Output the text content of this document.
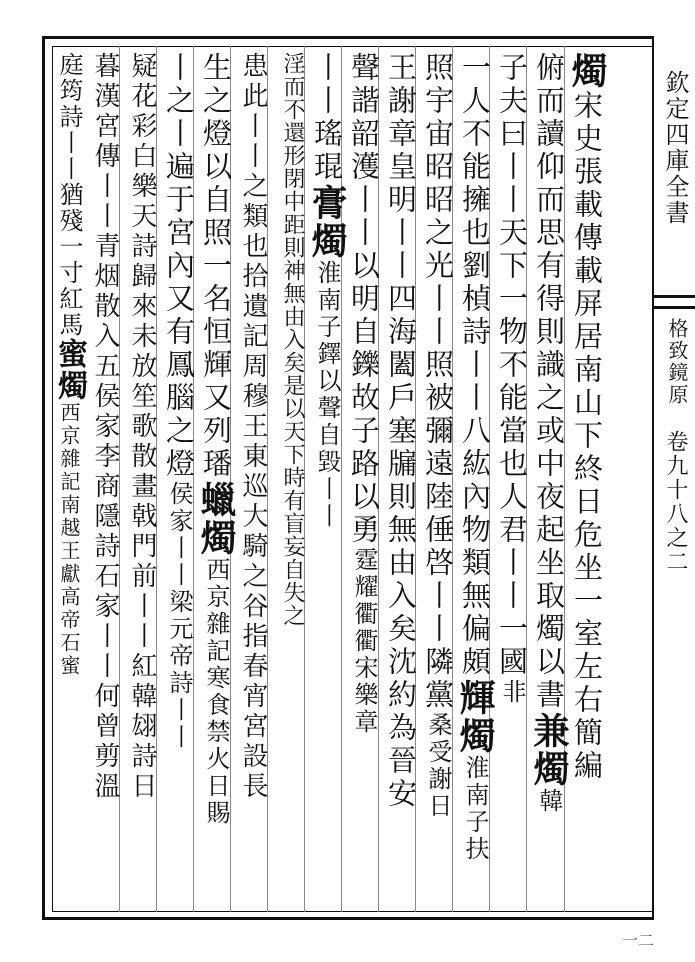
欽定四庫全書
格致鏡原
卷九十八之二
燭宋史張載傳載屏居南山下終日危坐一室左右簡編
俯而讀仰而思有得則識之或中夜起坐取燭以書兼燭韓
子夫曰丨丨天下一物不能當也人君丨丨一國非
一人不能擁也劉楨詩丨丨八紘內物類無偏頗輝燭淮南子扶
照宇宙昭昭之光丨丨照被彌遠陸倕啓丨丨隣黨桑受謝日
王謝章皇明丨丨四海闔戶塞牖則無由入矣沈約為晉安
聲諧韶濩丨丨以明自鑠故子路以勇霆耀衢衢宋樂章
丨丨瑤琨膏燭淮南子鐸以聲自毀丨丨
淫而不還形閉中距則神無由入矣是以天下時有盲妄自失之
患此丨丨之類也拾遺記周穆王東巡大騎之谷指春宵宮設長
生之燈以自照一名恒輝又列璠蠟燭西京雜記寒食禁火日賜
丨之丨遍于宮內又有鳳腦之燈侯家丨丨梁元帝詩丨丨
疑花彩白樂天詩歸來未放笙歌散畫戟門前丨丨紅韓翃詩日
暮漢宮傳丨丨青烟散入五侯家李商隱詩石家丨丨何曾剪溫
庭筠詩丨丨猶殘一寸紅馬蜜燭西京雜記南越王獻高帝石蜜
一二
